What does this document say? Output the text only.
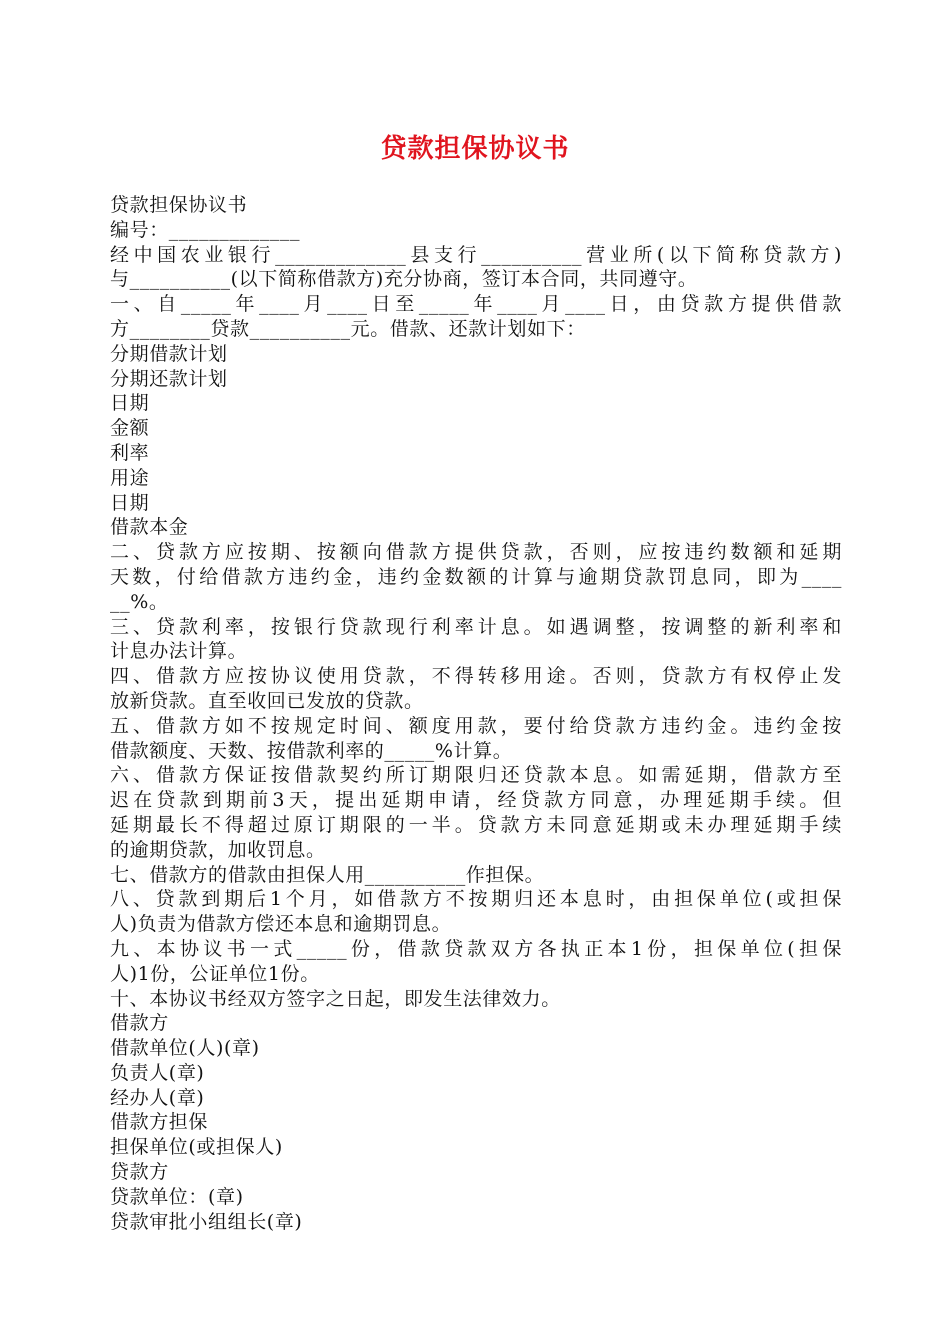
贷款担保协议书
贷款担保协议书
编号：_____________
经中国农业银行_____________县支行__________营业所(以下简称贷款方)
与__________(以下简称借款方)充分协商，签订本合同，共同遵守。
一、自_____年____月____日至_____年____月____日，由贷款方提供借款
方________贷款__________元。借款、还款计划如下：
分期借款计划
分期还款计划
日期
金额
利率
用途
日期
借款本金
二、贷款方应按期、按额向借款方提供贷款，否则，应按违约数额和延期
天数，付给借款方违约金，违约金数额的计算与逾期贷款罚息同，即为____
__%。
三、贷款利率，按银行贷款现行利率计息。如遇调整，按调整的新利率和
计息办法计算。
四、借款方应按协议使用贷款，不得转移用途。否则，贷款方有权停止发
放新贷款。直至收回已发放的贷款。
五、借款方如不按规定时间、额度用款，要付给贷款方违约金。违约金按
借款额度、天数、按借款利率的_____%计算。
六、借款方保证按借款契约所订期限归还贷款本息。如需延期，借款方至
迟在贷款到期前3天，提出延期申请，经贷款方同意，办理延期手续。但
延期最长不得超过原订期限的一半。贷款方未同意延期或未办理延期手续
的逾期贷款，加收罚息。
七、借款方的借款由担保人用__________作担保。
八、贷款到期后1个月，如借款方不按期归还本息时，由担保单位(或担保
人)负责为借款方偿还本息和逾期罚息。
九、本协议书一式_____份，借款贷款双方各执正本1份，担保单位(担保
人)1份，公证单位1份。
十、本协议书经双方签字之日起，即发生法律效力。
借款方
借款单位(人)(章)
负责人(章)
经办人(章)
借款方担保
担保单位(或担保人)
贷款方
贷款单位：(章)
贷款审批小组组长(章)
